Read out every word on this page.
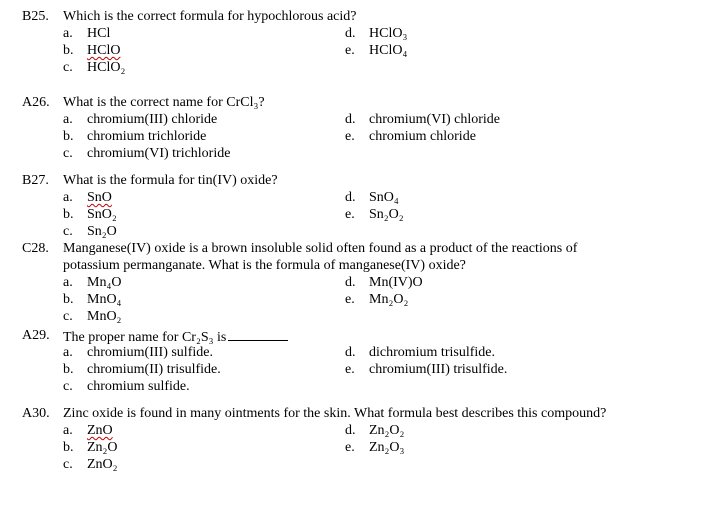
B25. Which is the correct formula for hypochlorous acid?
a. HCl
b. HClO
c. HClO₂
d. HClO₃
e. HClO₄
A26. What is the correct name for CrCl₃?
a. chromium(III) chloride
b. chromium trichloride
c. chromium(VI) trichloride
d. chromium(VI) chloride
e. chromium chloride
B27. What is the formula for tin(IV) oxide?
a. SnO
b. SnO₂
c. Sn₂O
d. SnO₄
e. Sn₂O₂
C28. Manganese(IV) oxide is a brown insoluble solid often found as a product of the reactions of
potassium permanganate. What is the formula of manganese(IV) oxide?
a. Mn₄O
b. MnO₄
c. MnO₂
d. Mn(IV)O
e. Mn₂O₂
A29. The proper name for Cr₂S₃ is
a. chromium(III) sulfide.
b. chromium(II) trisulfide.
c. chromium sulfide.
d. dichromium trisulfide.
e. chromium(III) trisulfide.
A30. Zinc oxide is found in many ointments for the skin. What formula best describes this compound?
a. ZnO
b. Zn₂O
c. ZnO₂
d. Zn₂O₂
e. Zn₂O₃
